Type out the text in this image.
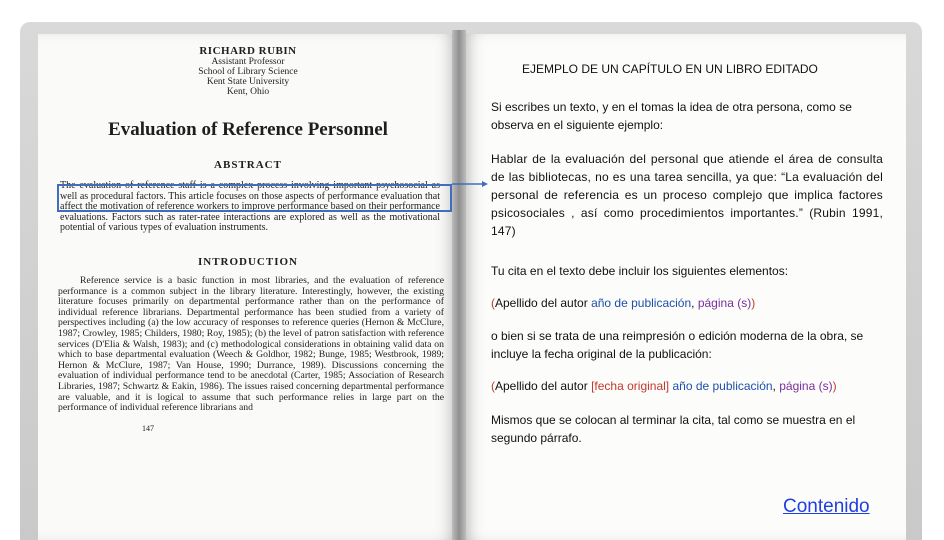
RICHARD RUBIN
Assistant Professor
School of Library Science
Kent State University
Kent, Ohio
Evaluation of Reference Personnel
ABSTRACT
The evaluation of reference staff is a complex process involving important psychosocial as well as procedural factors. This article focuses on those aspects of performance evaluation that affect the motivation of reference workers to improve performance based on their performance evaluations. Factors such as rater-ratee interactions are explored as well as the motivational potential of various types of evaluation instruments.
INTRODUCTION
Reference service is a basic function in most libraries, and the evaluation of reference performance is a common subject in the library literature. Interestingly, however, the existing literature focuses primarily on departmental performance rather than on the performance of individual reference librarians. Departmental performance has been studied from a variety of perspectives including (a) the low accuracy of responses to reference queries (Hernon & McClure, 1987; Crowley, 1985; Childers, 1980; Roy, 1985); (b) the level of patron satisfaction with reference services (D'Elia & Walsh, 1983); and (c) methodological considerations in obtaining valid data on which to base departmental evaluation (Weech & Goldhor, 1982; Bunge, 1985; Westbrook, 1989; Hernon & McClure, 1987; Van House, 1990; Durrance, 1989). Discussions concerning the evaluation of individual performance tend to be anecdotal (Carter, 1985; Association of Research Libraries, 1987; Schwartz & Eakin, 1986). The issues raised concerning departmental performance are valuable, and it is logical to assume that such performance relies in large part on the performance of individual reference librarians and
147
EJEMPLO DE UN CAPÍTULO EN UN LIBRO EDITADO
Si escribes un texto, y en el tomas la idea de otra persona, como se observa en el siguiente ejemplo:
Hablar de la evaluación del personal que atiende el área de consulta de las bibliotecas, no es una tarea sencilla, ya que: “La evaluación del personal de referencia es un proceso complejo que implica factores psicosociales , así como procedimientos importantes.” (Rubin 1991, 147)
Tu cita en el texto debe incluir los siguientes elementos:
(Apellido del autor año de publicación, página (s))
o bien si se trata de una reimpresión o edición moderna de la obra, se incluye la fecha original de la publicación:
(Apellido del autor [fecha original] año de publicación, página (s))
Mismos que se colocan al terminar la cita, tal como se muestra en el segundo párrafo.
Contenido
